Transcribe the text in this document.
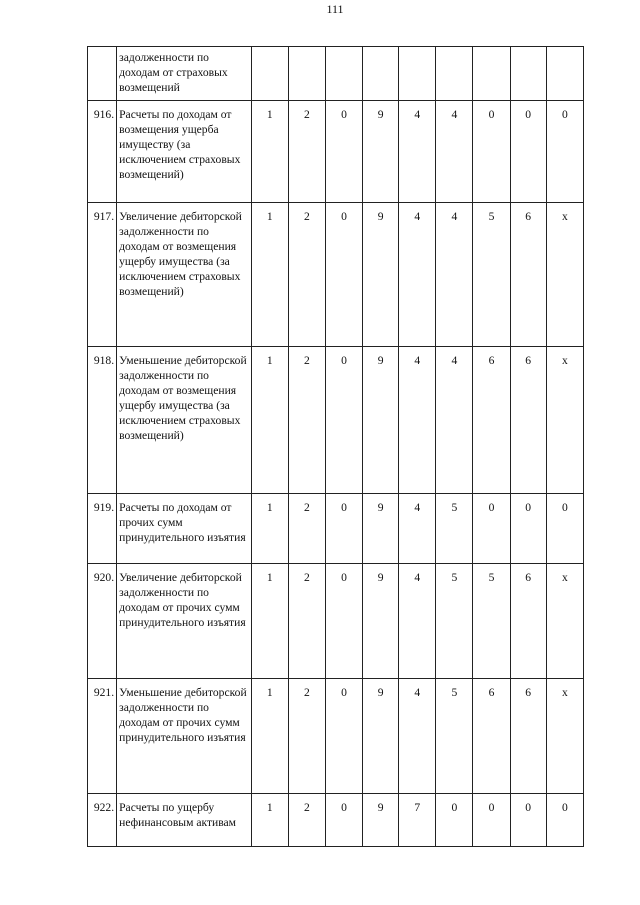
111
	задолженности по доходам от страховых возмещений									
916.	Расчеты по доходам от возмещения ущерба имуществу (за исключением страховых возмещений)	1	2	0	9	4	4	0	0	0
917.	Увеличение дебиторской задолженности по доходам от возмещения ущербу имущества (за исключением страховых возмещений)	1	2	0	9	4	4	5	6	x
918.	Уменьшение дебиторской задолженности по доходам от возмещения ущербу имущества (за исключением страховых возмещений)	1	2	0	9	4	4	6	6	x
919.	Расчеты по доходам от прочих сумм принудительного изъятия	1	2	0	9	4	5	0	0	0
920.	Увеличение дебиторской задолженности по доходам от прочих сумм принудительного изъятия	1	2	0	9	4	5	5	6	x
921.	Уменьшение дебиторской задолженности по доходам от прочих сумм принудительного изъятия	1	2	0	9	4	5	6	6	x
922.	Расчеты по ущербу нефинансовым активам	1	2	0	9	7	0	0	0	0
